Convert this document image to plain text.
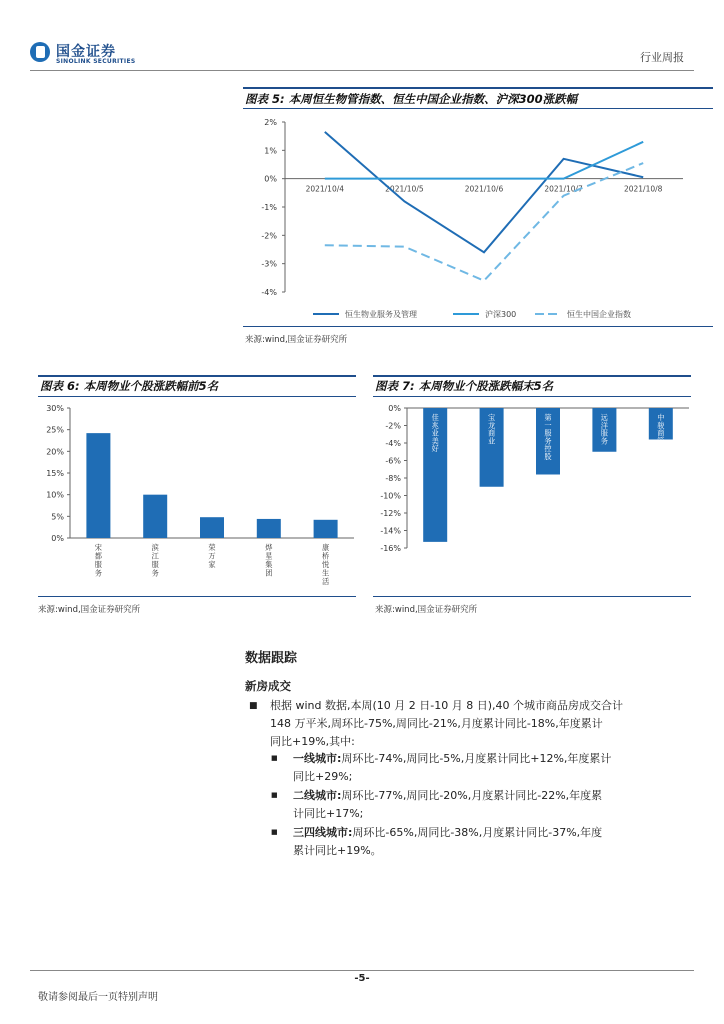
国金证券
SINOLINK SECURITIES	行业周报
图表 5: 本周恒生物管指数、恒生中国企业指数、沪深300涨跌幅
2%
1%
0%
-1%
-2%
-3%
-4%
2021/10/4	2021/10/5	2021/10/6	2021/10/7	2021/10/8
恒生物业服务及管理	沪深300	恒生中国企业指数
来源:wind,国金证券研究所
图表 6: 本周物业个股涨跌幅前5名
30%
25%
20%
15%
10%
5%
0%
宋
都
服
务
滨
江
服
务
荣
万
家
烨
星
集
团
康
桥
悦
生
活
来源:wind,国金证券研究所
图表 7: 本周物业个股涨跌幅末5名
0%
-2%
-4%
-6%
-8%
-10%
-12%
-14%
-16%
佳
兆
业
美
好
宝
龙
商
业
第
一
服
务
控
股
远
洋
服
务
中
骏
商
管
来源:wind,国金证券研究所
数据跟踪
新房成交
■ 根据 wind 数据,本周(10 月 2 日-10 月 8 日),40 个城市商品房成交合计
148 万平米,周环比-75%,周同比-21%,月度累计同比-18%,年度累计
同比+19%,其中:
■ 一线城市:周环比-74%,周同比-5%,月度累计同比+12%,年度累计
同比+29%;
■ 二线城市:周环比-77%,周同比-20%,月度累计同比-22%,年度累
计同比+17%;
■ 三四线城市:周环比-65%,周同比-38%,月度累计同比-37%,年度
累计同比+19%。
-5-
敬请参阅最后一页特别声明
